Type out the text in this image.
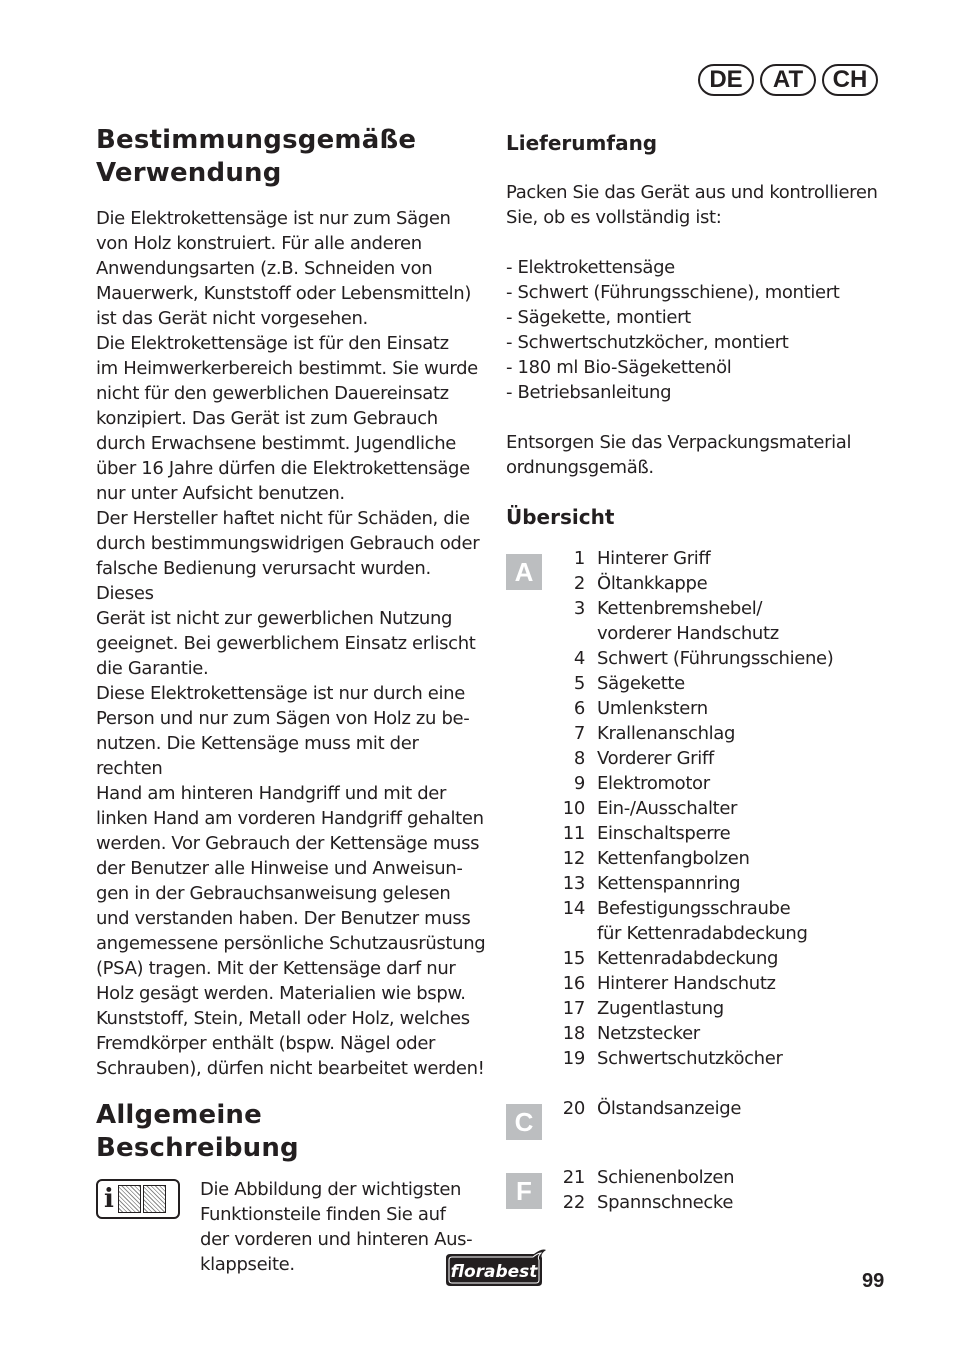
DE	AT	CH
Bestimmungsgemäße
Verwendung
Die Elektrokettensäge ist nur zum Sägen
von Holz konstruiert. Für alle anderen
Anwendungsarten (z.B. Schneiden von
Mauerwerk, Kunststoff oder Lebensmitteln)
ist das Gerät nicht vorgesehen.
Die Elektrokettensäge ist für den Einsatz
im Heimwerkerbereich bestimmt. Sie wurde
nicht für den gewerblichen Dauereinsatz
konzipiert. Das Gerät ist zum Gebrauch
durch Erwachsene bestimmt. Jugendliche
über 16 Jahre dürfen die Elektrokettensäge
nur unter Aufsicht benutzen.
Der Hersteller haftet nicht für Schäden, die
durch bestimmungswidrigen Gebrauch oder
falsche Bedienung verursacht wurden. Dieses
Gerät ist nicht zur gewerblichen Nutzung
geeignet. Bei gewerblichem Einsatz erlischt
die Garantie.
Diese Elektrokettensäge ist nur durch eine
Person und nur zum Sägen von Holz zu be-
nutzen. Die Kettensäge muss mit der rechten
Hand am hinteren Handgriff und mit der
linken Hand am vorderen Handgriff gehalten
werden. Vor Gebrauch der Kettensäge muss
der Benutzer alle Hinweise und Anweisun-
gen in der Gebrauchsanweisung gelesen
und verstanden haben. Der Benutzer muss
angemessene persönliche Schutzausrüstung
(PSA) tragen. Mit der Kettensäge darf nur
Holz gesägt werden. Materialien wie bspw.
Kunststoff, Stein, Metall oder Holz, welches
Fremdkörper enthält (bspw. Nägel oder
Schrauben), dürfen nicht bearbeitet werden!
Allgemeine
Beschreibung
i	Die Abbildung der wichtigsten
Funktionsteile finden Sie auf
der vorderen und hinteren Aus-
klappseite.
Lieferumfang
Packen Sie das Gerät aus und kontrollieren
Sie, ob es vollständig ist:
- Elektrokettensäge
- Schwert (Führungsschiene), montiert
- Sägekette, montiert
- Schwertschutzköcher, montiert
- 180 ml Bio-Sägekettenöl
- Betriebsanleitung
Entsorgen Sie das Verpackungsmaterial
ordnungsgemäß.
Übersicht
A	1 Hinterer Griff
2 Öltankkappe
3 Kettenbremshebel/
vorderer Handschutz
4 Schwert (Führungsschiene)
5 Sägekette
6 Umlenkstern
7 Krallenanschlag
8 Vorderer Griff
9 Elektromotor
10 Ein-/Ausschalter
11 Einschaltsperre
12 Kettenfangbolzen
13 Kettenspannring
14 Befestigungsschraube
für Kettenradabdeckung
15 Kettenradabdeckung
16 Hinterer Handschutz
17 Zugentlastung
18 Netzstecker
19 Schwertschutzköcher
C	20 Ölstandsanzeige
F	21 Schienenbolzen
22 Spannschnecke
florabest	99
